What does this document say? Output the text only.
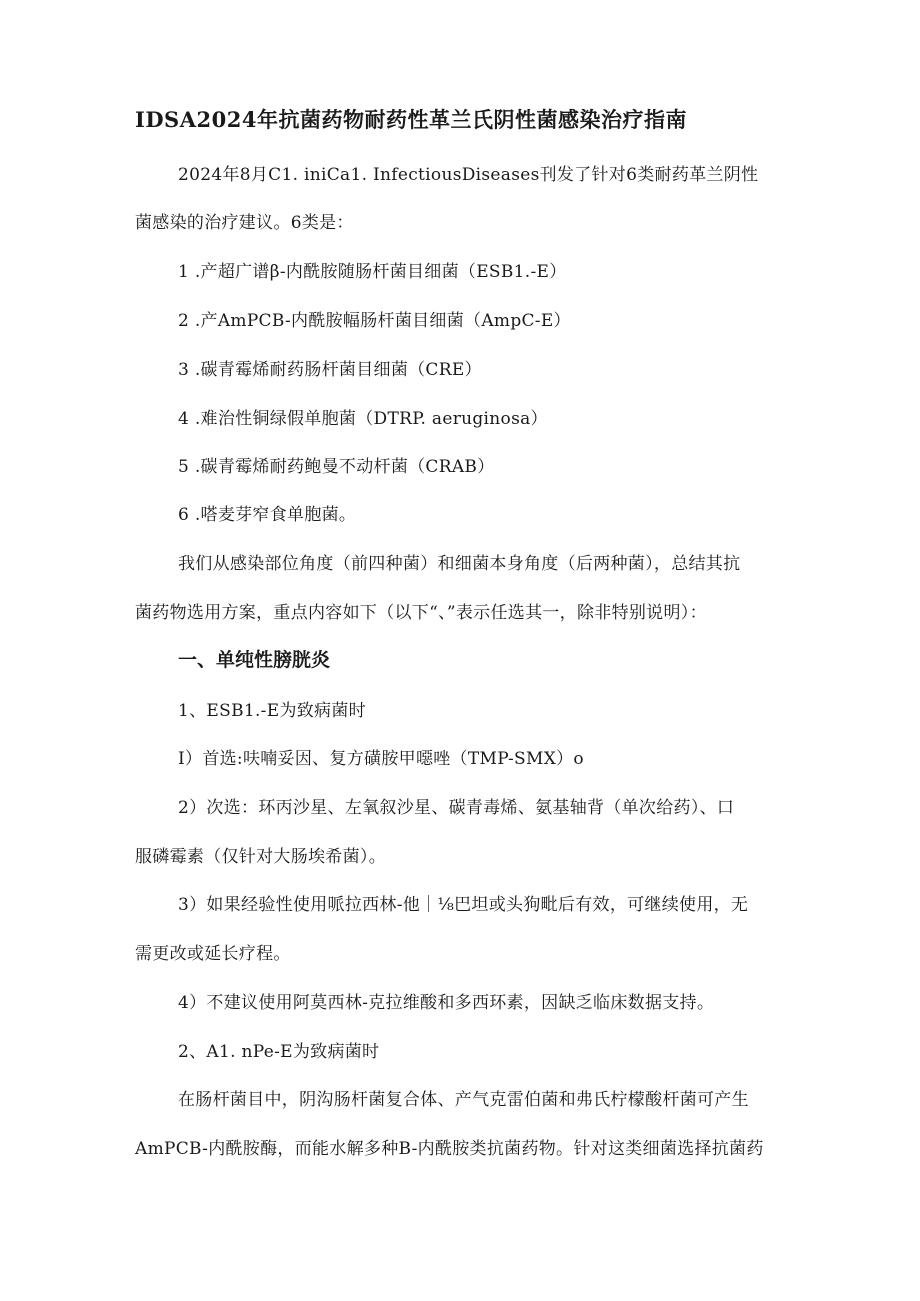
IDSA2024年抗菌药物耐药性革兰氏阴性菌感染治疗指南
2024年8月C1. iniCa1. InfectiousDiseases刊发了针对6类耐药革兰阴性
菌感染的治疗建议。6类是：
1 .产超广谱β-内酰胺随肠杆菌目细菌（ESB1.-E）
2 .产AmPCB-内酰胺幅肠杆菌目细菌（AmpC-E）
3 .碳青霉烯耐药肠杆菌目细菌（CRE）
4 .难治性铜绿假单胞菌（DTRP. aeruginosa）
5 .碳青霉烯耐药鲍曼不动杆菌（CRAB）
6 .嗒麦芽窄食单胞菌。
我们从感染部位角度（前四种菌）和细菌本身角度（后两种菌），总结其抗
菌药物选用方案，重点内容如下（以下“、”表示任选其一，除非特别说明）：
一、单纯性膀胱炎
1、ESB1.-E为致病菌时
I）首选:呋喃妥因、复方磺胺甲噁唑（TMP-SMX）o
2）次选：环丙沙星、左氧叙沙星、碳青毒烯、氨基轴背（单次给药）、口
服磷霉素（仅针对大肠埃希菌）。
3）如果经验性使用哌拉西林-他｜⅛巴坦或头狗毗后有效，可继续使用，无
需更改或延长疗程。
4）不建议使用阿莫西林-克拉维酸和多西环素，因缺乏临床数据支持。
2、A1. nPe-E为致病菌时
在肠杆菌目中，阴沟肠杆菌复合体、产气克雷伯菌和弗氏柠檬酸杆菌可产生
AmPCB-内酰胺酶，而能水解多种B-内酰胺类抗菌药物。针对这类细菌选择抗菌药
